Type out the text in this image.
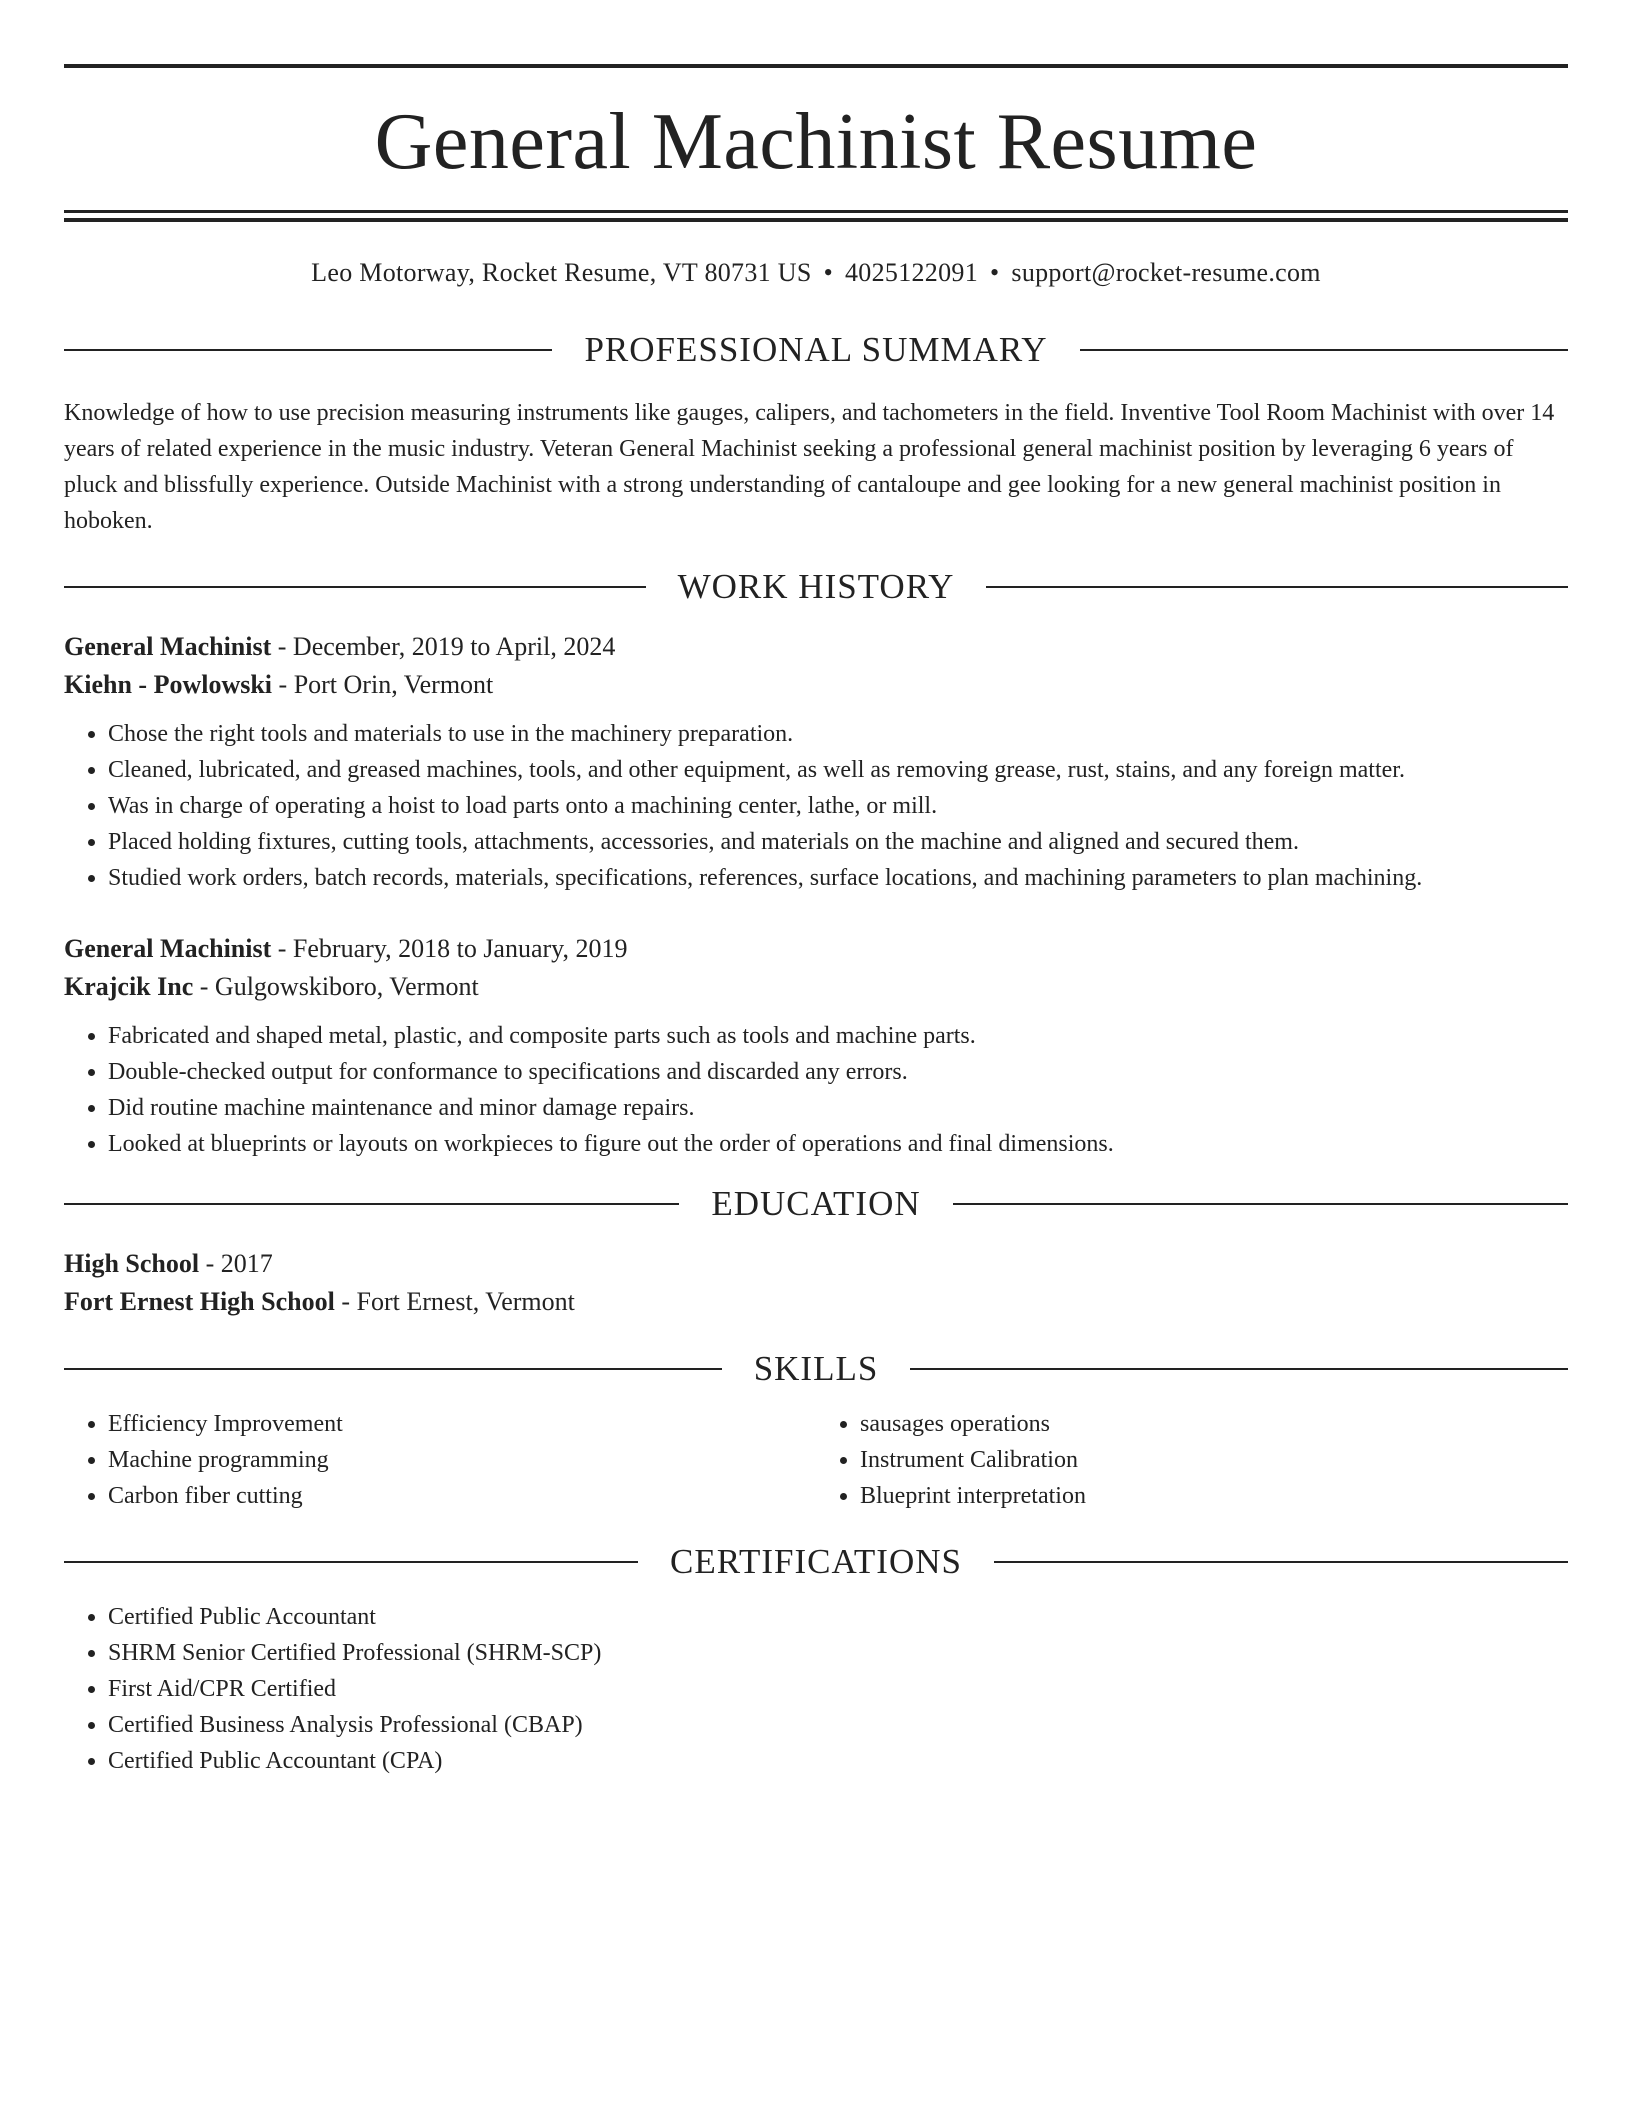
General Machinist Resume
Leo Motorway, Rocket Resume, VT 80731 US • 4025122091 • support@rocket-resume.com
PROFESSIONAL SUMMARY
Knowledge of how to use precision measuring instruments like gauges, calipers, and tachometers in the field. Inventive Tool Room Machinist with over 14 years of related experience in the music industry. Veteran General Machinist seeking a professional general machinist position by leveraging 6 years of pluck and blissfully experience. Outside Machinist with a strong understanding of cantaloupe and gee looking for a new general machinist position in hoboken.
WORK HISTORY
General Machinist - December, 2019 to April, 2024
Kiehn - Powlowski - Port Orin, Vermont
• Chose the right tools and materials to use in the machinery preparation.
• Cleaned, lubricated, and greased machines, tools, and other equipment, as well as removing grease, rust, stains, and any foreign matter.
• Was in charge of operating a hoist to load parts onto a machining center, lathe, or mill.
• Placed holding fixtures, cutting tools, attachments, accessories, and materials on the machine and aligned and secured them.
• Studied work orders, batch records, materials, specifications, references, surface locations, and machining parameters to plan machining.
General Machinist - February, 2018 to January, 2019
Krajcik Inc - Gulgowskiboro, Vermont
• Fabricated and shaped metal, plastic, and composite parts such as tools and machine parts.
• Double-checked output for conformance to specifications and discarded any errors.
• Did routine machine maintenance and minor damage repairs.
• Looked at blueprints or layouts on workpieces to figure out the order of operations and final dimensions.
EDUCATION
High School - 2017
Fort Ernest High School - Fort Ernest, Vermont
SKILLS
• Efficiency Improvement
• Machine programming
• Carbon fiber cutting
• sausages operations
• Instrument Calibration
• Blueprint interpretation
CERTIFICATIONS
• Certified Public Accountant
• SHRM Senior Certified Professional (SHRM-SCP)
• First Aid/CPR Certified
• Certified Business Analysis Professional (CBAP)
• Certified Public Accountant (CPA)
